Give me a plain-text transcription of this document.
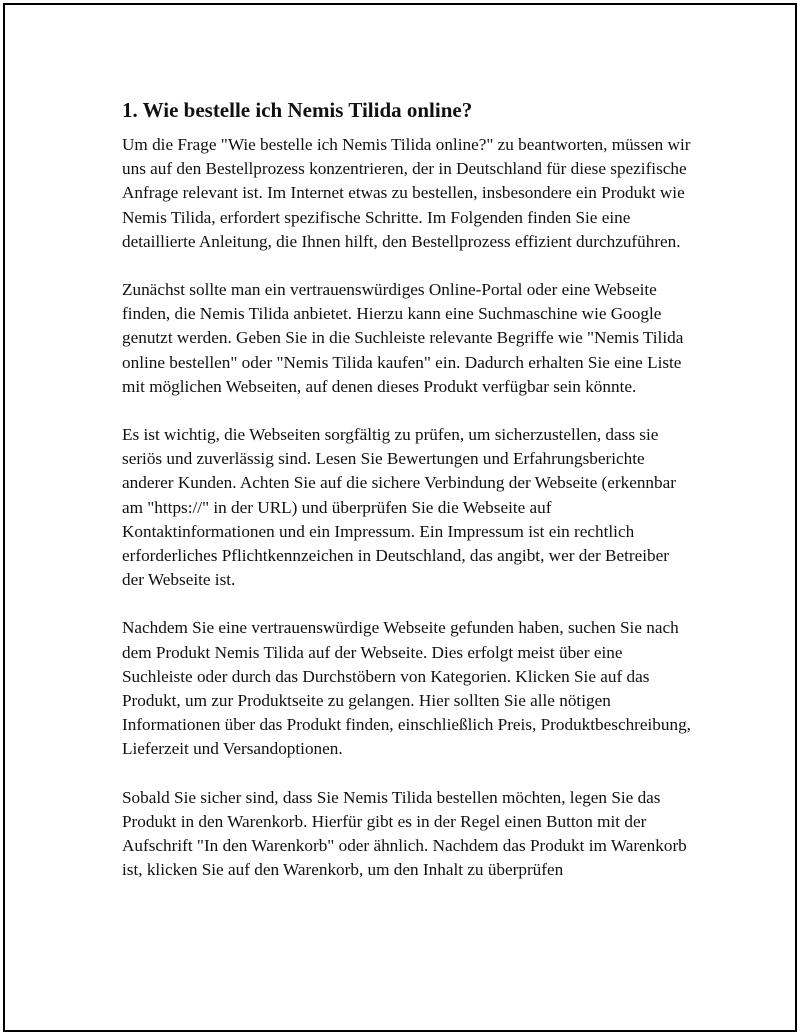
1. Wie bestelle ich Nemis Tilida online?

Um die Frage "Wie bestelle ich Nemis Tilida online?" zu beantworten, müssen wir uns auf den Bestellprozess konzentrieren, der in Deutschland für diese spezifische Anfrage relevant ist. Im Internet etwas zu bestellen, insbesondere ein Produkt wie Nemis Tilida, erfordert spezifische Schritte. Im Folgenden finden Sie eine detaillierte Anleitung, die Ihnen hilft, den Bestellprozess effizient durchzuführen.

Zunächst sollte man ein vertrauenswürdiges Online-Portal oder eine Webseite finden, die Nemis Tilida anbietet. Hierzu kann eine Suchmaschine wie Google genutzt werden. Geben Sie in die Suchleiste relevante Begriffe wie "Nemis Tilida online bestellen" oder "Nemis Tilida kaufen" ein. Dadurch erhalten Sie eine Liste mit möglichen Webseiten, auf denen dieses Produkt verfügbar sein könnte.

Es ist wichtig, die Webseiten sorgfältig zu prüfen, um sicherzustellen, dass sie seriös und zuverlässig sind. Lesen Sie Bewertungen und Erfahrungsberichte anderer Kunden. Achten Sie auf die sichere Verbindung der Webseite (erkennbar am "https://" in der URL) und überprüfen Sie die Webseite auf Kontaktinformationen und ein Impressum. Ein Impressum ist ein rechtlich erforderliches Pflichtkennzeichen in Deutschland, das angibt, wer der Betreiber der Webseite ist.

Nachdem Sie eine vertrauenswürdige Webseite gefunden haben, suchen Sie nach dem Produkt Nemis Tilida auf der Webseite. Dies erfolgt meist über eine Suchleiste oder durch das Durchstöbern von Kategorien. Klicken Sie auf das Produkt, um zur Produktseite zu gelangen. Hier sollten Sie alle nötigen Informationen über das Produkt finden, einschließlich Preis, Produktbeschreibung, Lieferzeit und Versandoptionen.

Sobald Sie sicher sind, dass Sie Nemis Tilida bestellen möchten, legen Sie das Produkt in den Warenkorb. Hierfür gibt es in der Regel einen Button mit der Aufschrift "In den Warenkorb" oder ähnlich. Nachdem das Produkt im Warenkorb ist, klicken Sie auf den Warenkorb, um den Inhalt zu überprüfen
